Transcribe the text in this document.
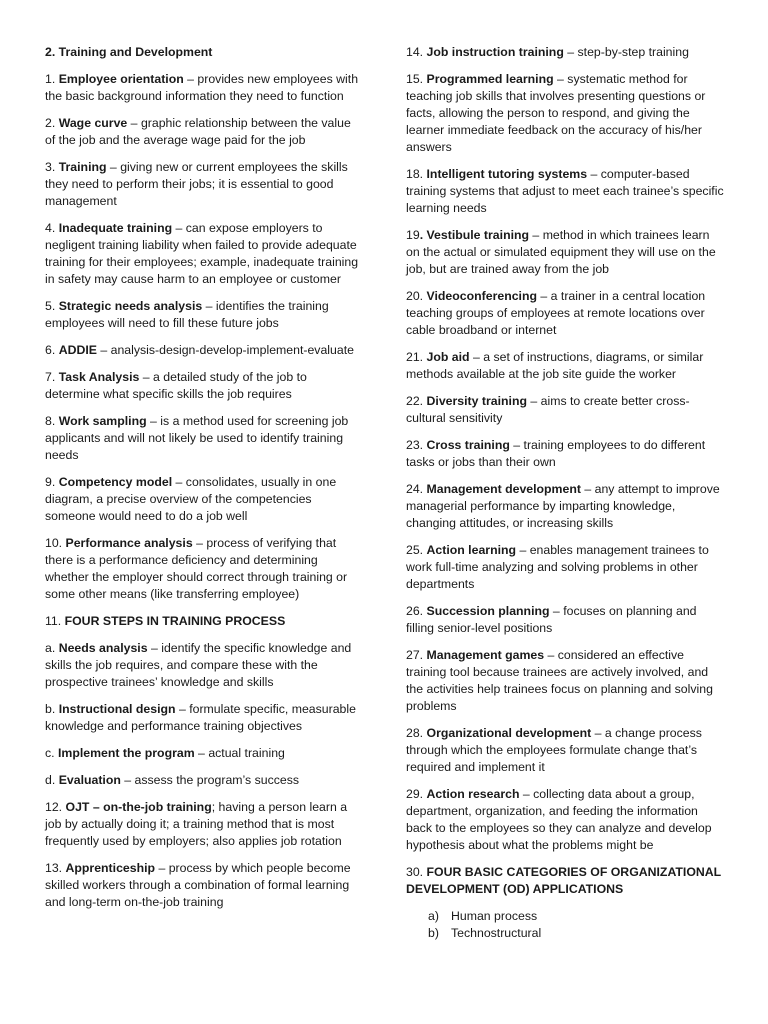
2. Training and Development

1. Employee orientation – provides new employees with the basic background information they need to function

2. Wage curve – graphic relationship between the value of the job and the average wage paid for the job

3. Training – giving new or current employees the skills they need to perform their jobs; it is essential to good management

4. Inadequate training – can expose employers to negligent training liability when failed to provide adequate training for their employees; example, inadequate training in safety may cause harm to an employee or customer

5. Strategic needs analysis – identifies the training employees will need to fill these future jobs

6. ADDIE – analysis-design-develop-implement-evaluate

7. Task Analysis – a detailed study of the job to determine what specific skills the job requires

8. Work sampling – is a method used for screening job applicants and will not likely be used to identify training needs

9. Competency model – consolidates, usually in one diagram, a precise overview of the competencies someone would need to do a job well

10. Performance analysis – process of verifying that there is a performance deficiency and determining whether the employer should correct through training or some other means (like transferring employee)

11. FOUR STEPS IN TRAINING PROCESS

a. Needs analysis – identify the specific knowledge and skills the job requires, and compare these with the prospective trainees’ knowledge and skills

b. Instructional design – formulate specific, measurable knowledge and performance training objectives

c. Implement the program – actual training

d. Evaluation – assess the program’s success

12. OJT – on-the-job training; having a person learn a job by actually doing it; a training method that is most frequently used by employers; also applies job rotation

13. Apprenticeship – process by which people become skilled workers through a combination of formal learning and long-term on-the-job training

14. Job instruction training – step-by-step training

15. Programmed learning – systematic method for teaching job skills that involves presenting questions or facts, allowing the person to respond, and giving the learner immediate feedback on the accuracy of his/her answers

18. Intelligent tutoring systems – computer-based training systems that adjust to meet each trainee’s specific learning needs

19. Vestibule training – method in which trainees learn on the actual or simulated equipment they will use on the job, but are trained away from the job

20. Videoconferencing – a trainer in a central location teaching groups of employees at remote locations over cable broadband or internet

21. Job aid – a set of instructions, diagrams, or similar methods available at the job site guide the worker

22. Diversity training – aims to create better cross-cultural sensitivity

23. Cross training – training employees to do different tasks or jobs than their own

24. Management development – any attempt to improve managerial performance by imparting knowledge, changing attitudes, or increasing skills

25. Action learning – enables management trainees to work full-time analyzing and solving problems in other departments

26. Succession planning – focuses on planning and filling senior-level positions

27. Management games – considered an effective training tool because trainees are actively involved, and the activities help trainees focus on planning and solving problems

28. Organizational development – a change process through which the employees formulate change that’s required and implement it

29. Action research – collecting data about a group, department, organization, and feeding the information back to the employees so they can analyze and develop hypothesis about what the problems might be

30. FOUR BASIC CATEGORIES OF ORGANIZATIONAL DEVELOPMENT (OD) APPLICATIONS

a) Human process
b) Technostructural
